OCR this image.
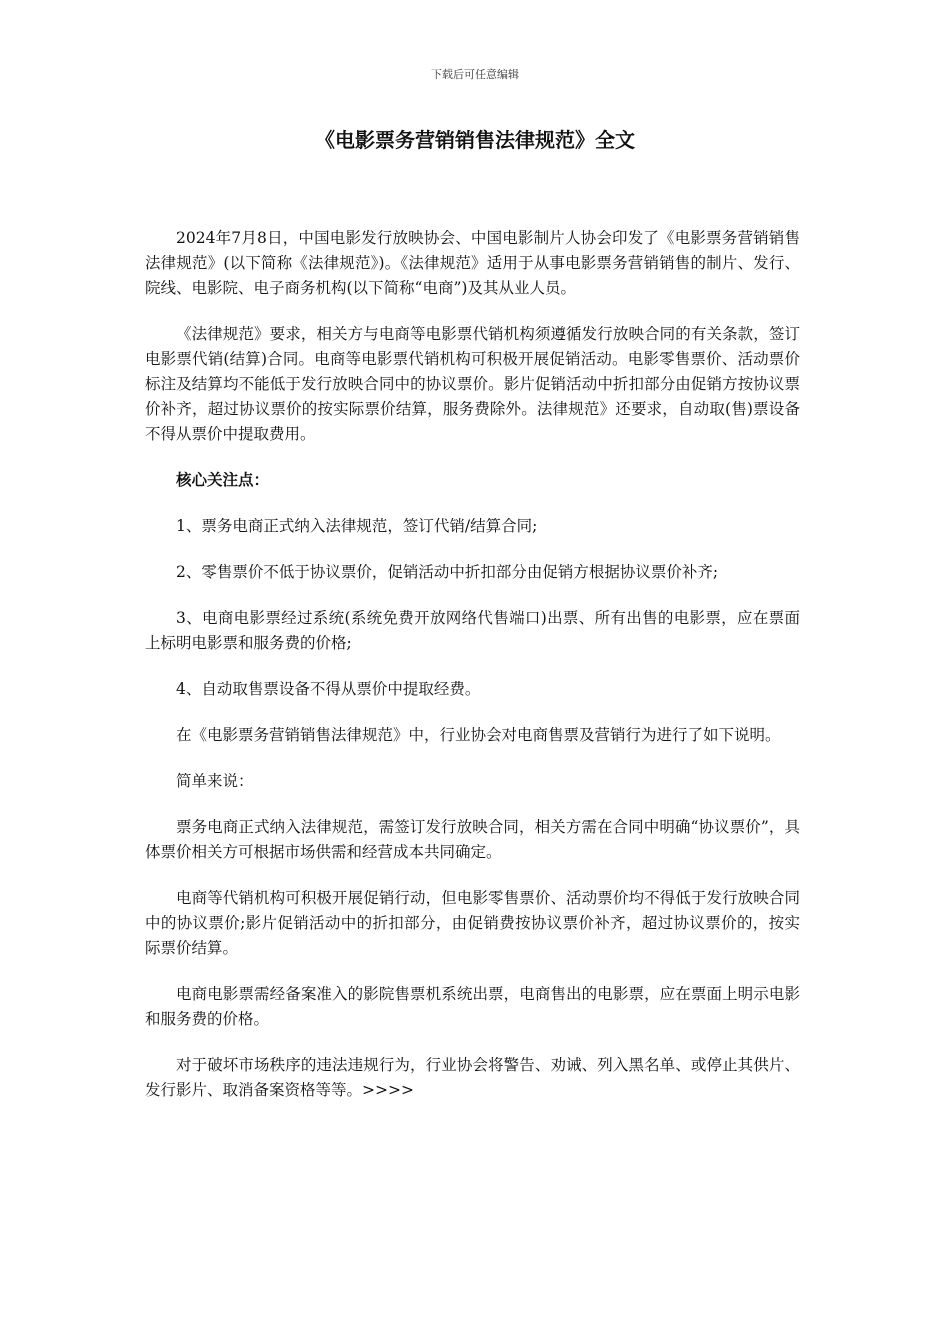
下载后可任意编辑
《电影票务营销销售法律规范》全文

2024年7月8日，中国电影发行放映协会、中国电影制片人协会印发了《电影票务营销销售法律规范》(以下简称《法律规范》)。《法律规范》适用于从事电影票务营销销售的制片、发行、院线、电影院、电子商务机构(以下简称“电商”)及其从业人员。

《法律规范》要求，相关方与电商等电影票代销机构须遵循发行放映合同的有关条款，签订电影票代销(结算)合同。电商等电影票代销机构可积极开展促销活动。电影零售票价、活动票价标注及结算均不能低于发行放映合同中的协议票价。影片促销活动中折扣部分由促销方按协议票价补齐，超过协议票价的按实际票价结算，服务费除外。法律规范》还要求，自动取(售)票设备不得从票价中提取费用。

核心关注点：

1、票务电商正式纳入法律规范，签订代销/结算合同;

2、零售票价不低于协议票价，促销活动中折扣部分由促销方根据协议票价补齐;

3、电商电影票经过系统(系统免费开放网络代售端口)出票、所有出售的电影票，应在票面上标明电影票和服务费的价格;

4、自动取售票设备不得从票价中提取经费。

在《电影票务营销销售法律规范》中，行业协会对电商售票及营销行为进行了如下说明。

简单来说：

票务电商正式纳入法律规范，需签订发行放映合同，相关方需在合同中明确“协议票价”，具体票价相关方可根据市场供需和经营成本共同确定。

电商等代销机构可积极开展促销行动，但电影零售票价、活动票价均不得低于发行放映合同中的协议票价;影片促销活动中的折扣部分，由促销费按协议票价补齐，超过协议票价的，按实际票价结算。

电商电影票需经备案准入的影院售票机系统出票，电商售出的电影票，应在票面上明示电影和服务费的价格。

对于破坏市场秩序的违法违规行为，行业协会将警告、劝诫、列入黑名单、或停止其供片、发行影片、取消备案资格等等。>>>>
